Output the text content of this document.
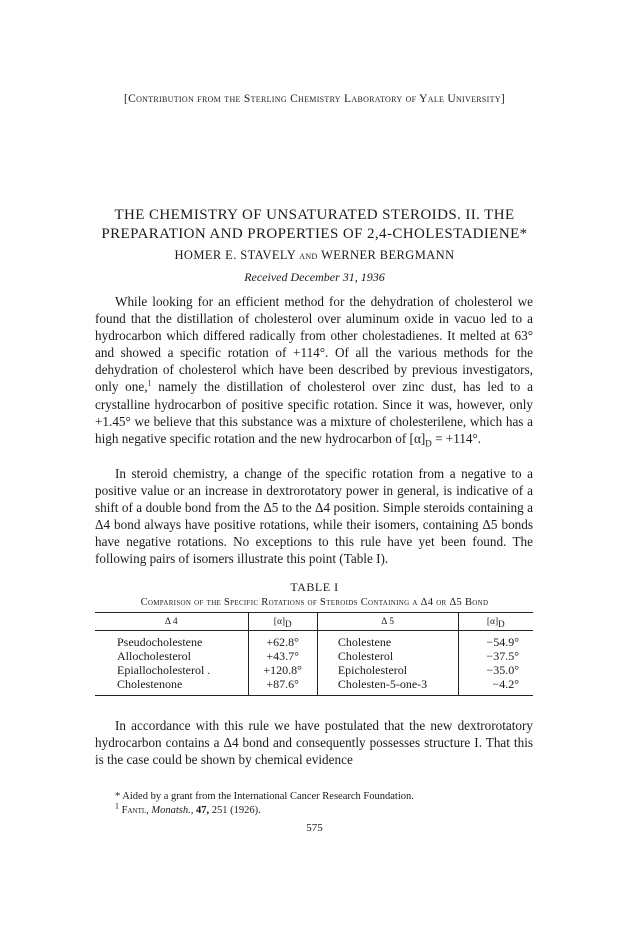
[Contribution from the Sterling Chemistry Laboratory of Yale University]
THE CHEMISTRY OF UNSATURATED STEROIDS. II. THE
PREPARATION AND PROPERTIES OF 2,4-CHOLESTADIENE*
HOMER E. STAVELY and WERNER BERGMANN
Received December 31, 1936

While looking for an efficient method for the dehydration of cholesterol we found that the distillation of cholesterol over aluminum oxide in vacuo led to a hydrocarbon which differed radically from other cholestadienes. It melted at 63° and showed a specific rotation of +114°. Of all the various methods for the dehydration of cholesterol which have been described by previous investigators, only one,$^1$ namely the distillation of cholesterol over zinc dust, has led to a crystalline hydrocarbon of positive specific rotation. Since it was, however, only +1.45° we believe that this substance was a mixture of cholesterilene, which has a high negative specific rotation and the new hydrocarbon of $[\alpha]_D = +114^\circ$.

In steroid chemistry, a change of the specific rotation from a negative to a positive value or an increase in dextrorotatory power in general, is indicative of a shift of a double bond from the Δ5 to the Δ4 position. Simple steroids containing a Δ4 bond always have positive rotations, while their isomers, containing Δ5 bonds have negative rotations. No exceptions to this rule have yet been found. The following pairs of isomers illustrate this point (Table I).

TABLE I
Comparison of the Specific Rotations of Steroids Containing a Δ4 or Δ5 Bond
Δ 4	[α]D	Δ 5	[α]D
Pseudocholestene	+62.8°	Cholestene	−54.9°
Allocholesterol	+43.7°	Cholesterol	−37.5°
Epiallocholesterol .	+120.8°	Epicholesterol	−35.0°
Cholestenone	+87.6°	Cholesten-5-one-3	−4.2°

In accordance with this rule we have postulated that the new dextrorotatory hydrocarbon contains a Δ4 bond and consequently possesses structure I. That this is the case could be shown by chemical evidence

* Aided by a grant from the International Cancer Research Foundation.

$^1$ Fantl, Monatsh., 47, 251 (1926).

575
